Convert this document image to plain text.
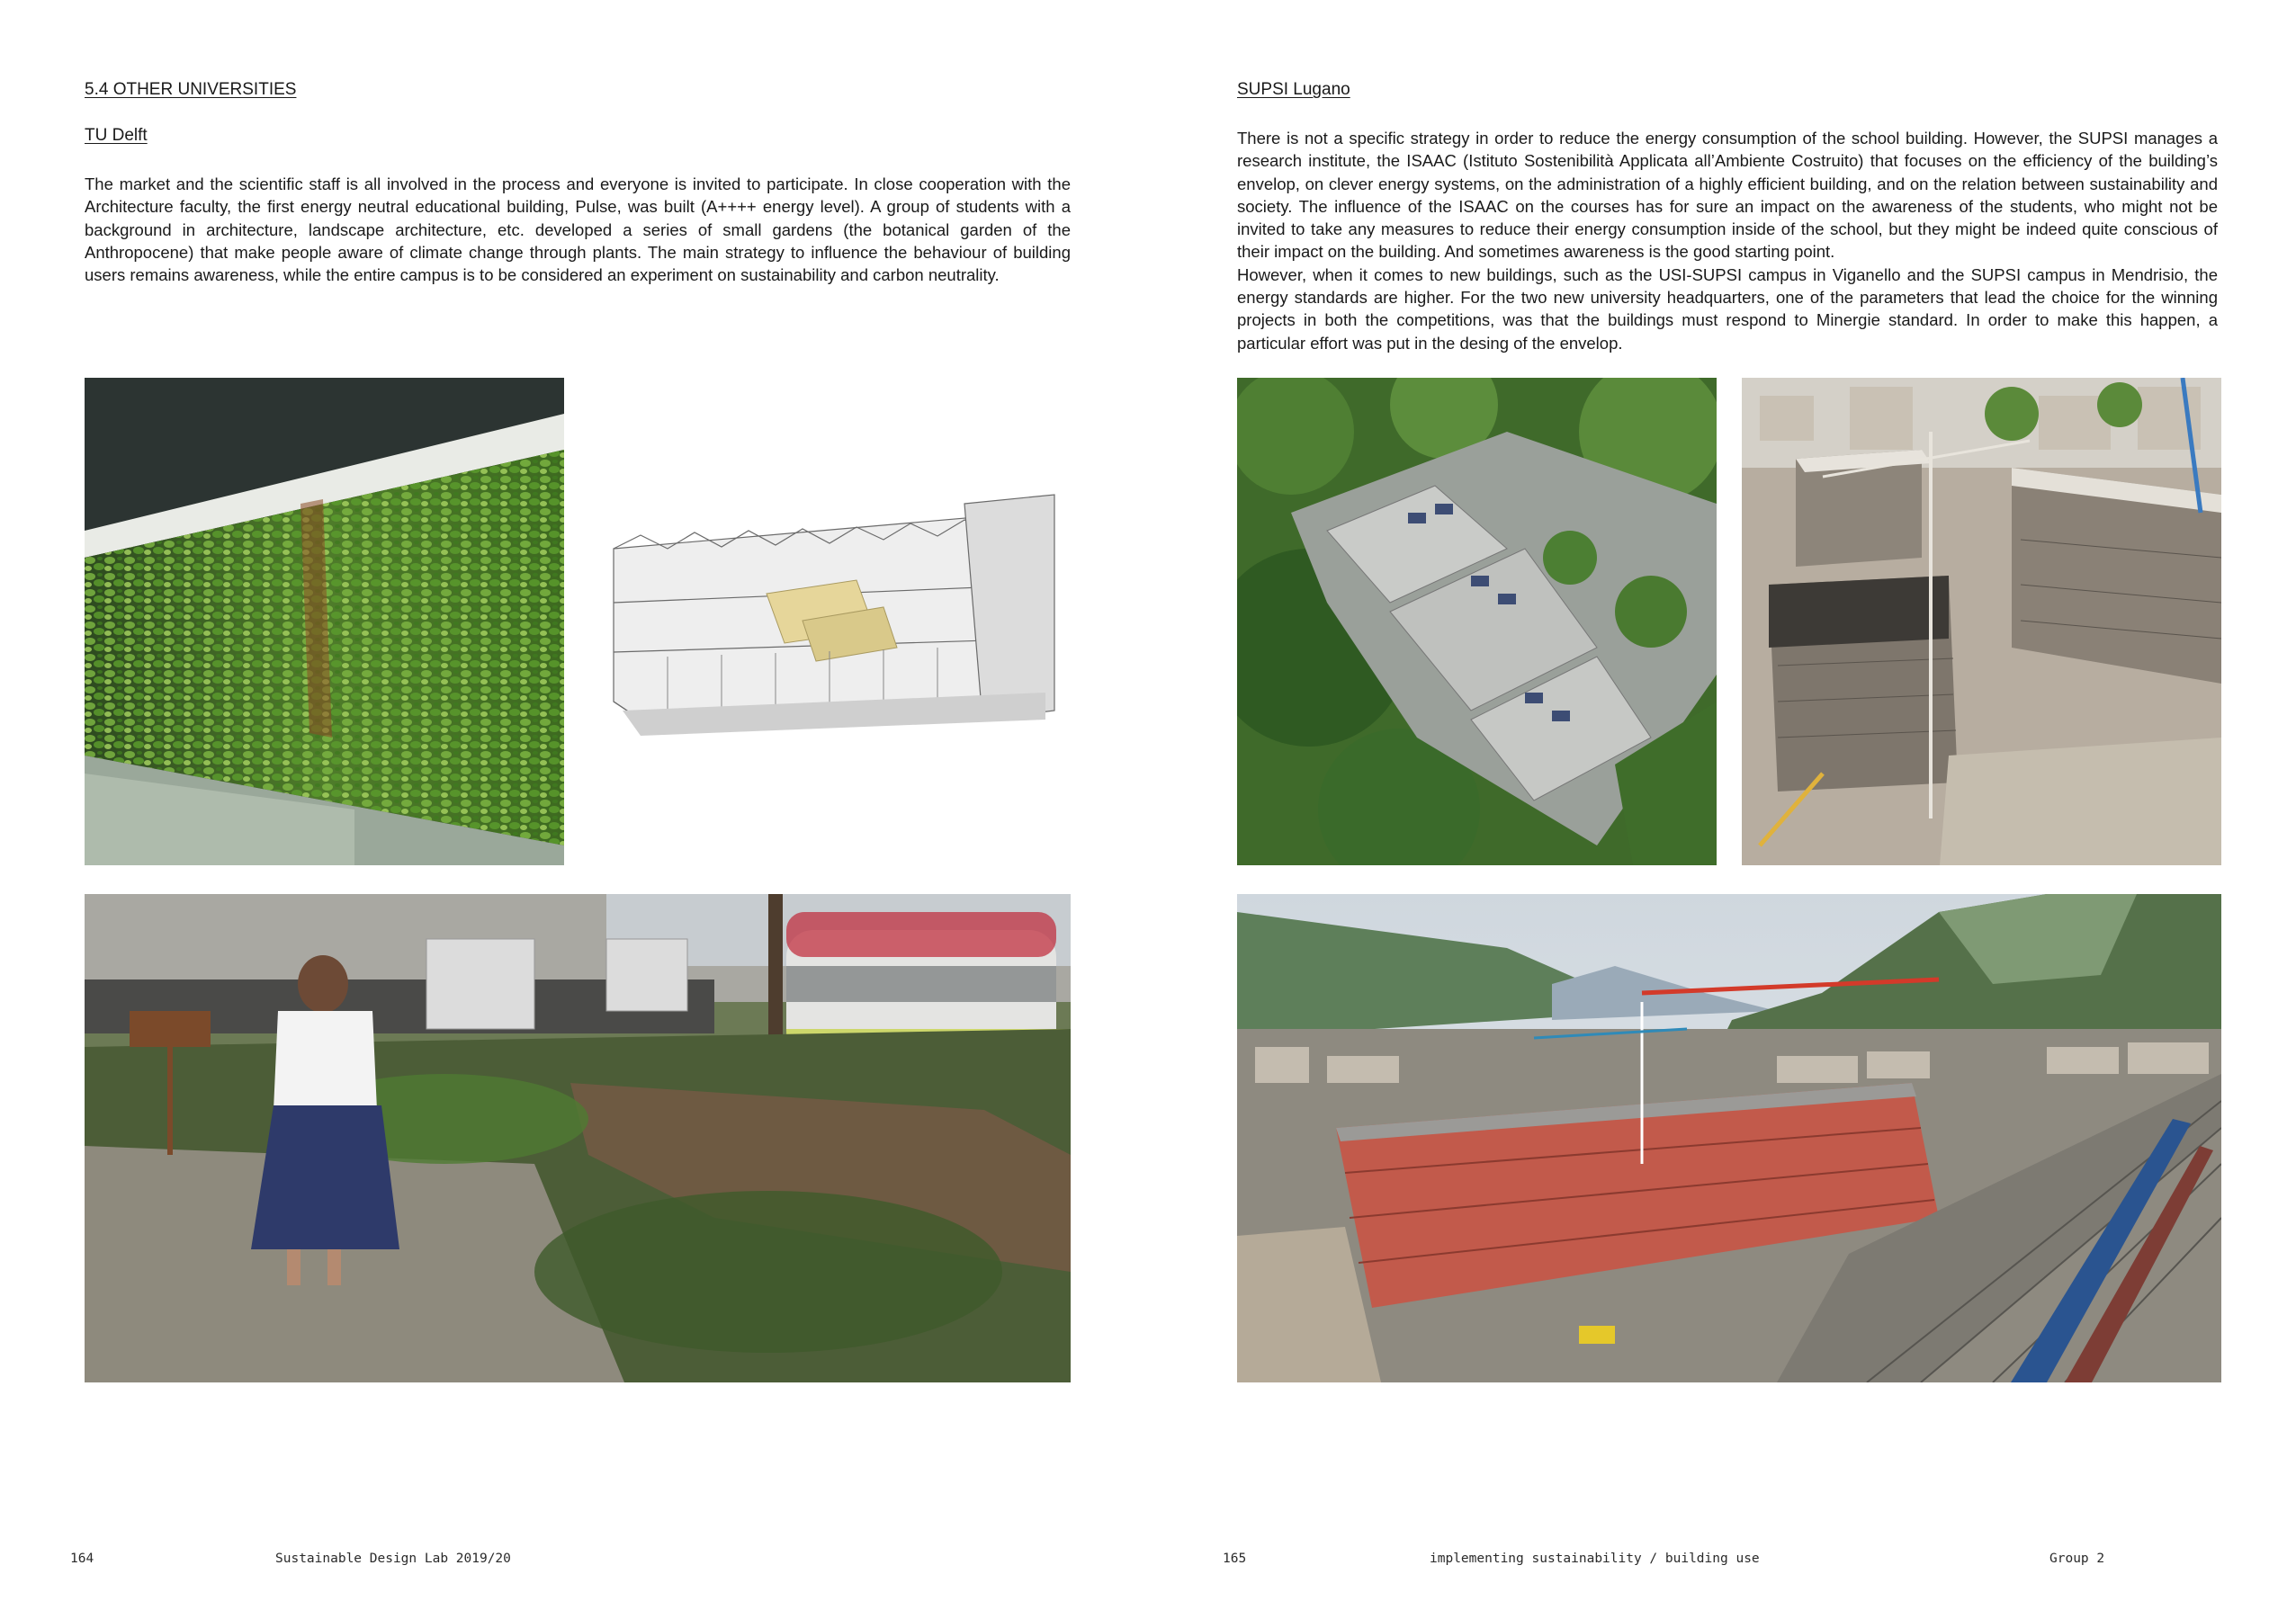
5.4 OTHER UNIVERSITIES
TU Delft

The market and the scientific staff is all involved in the process and everyone is invited to participate. In close cooperation with the Architecture faculty, the first energy neutral educational building, Pulse, was built (A++++ energy level). A group of students with a background in architecture, landscape architecture, etc. developed a series of small gardens (the botanical garden of the Anthropocene) that make people aware of climate change through plants. The main strategy to influence the behaviour of building users remains awareness, while the entire campus is to be considered an experiment on sustainability and carbon neutrality.

SUPSI Lugano

There is not a specific strategy in order to reduce the energy consumption of the school building. However, the SUPSI manages a research institute, the ISAAC (Istituto Sostenibilità Applicata all’Ambiente Costruito) that focuses on the efficiency of the building’s envelop, on clever energy systems, on the administration of a highly efficient building, and on the relation between sustainability and society. The influence of the ISAAC on the courses has for sure an impact on the awareness of the students, who might not be invited to take any measures to reduce their energy consumption inside of the school, but they might be indeed quite conscious of their impact on the building. And sometimes awareness is the good starting point.

However, when it comes to new buildings, such as the USI-SUPSI campus in Viganello and the SUPSI campus in Mendrisio, the energy standards are higher. For the two new university headquarters, one of the parameters that lead the choice for the winning projects in both the competitions, was that the buildings must respond to Minergie standard. In order to make this happen, a particular effort was put in the desing of the envelop.

164	Sustainable Design Lab 2019/20	165	implementing sustainability / building use	Group 2
